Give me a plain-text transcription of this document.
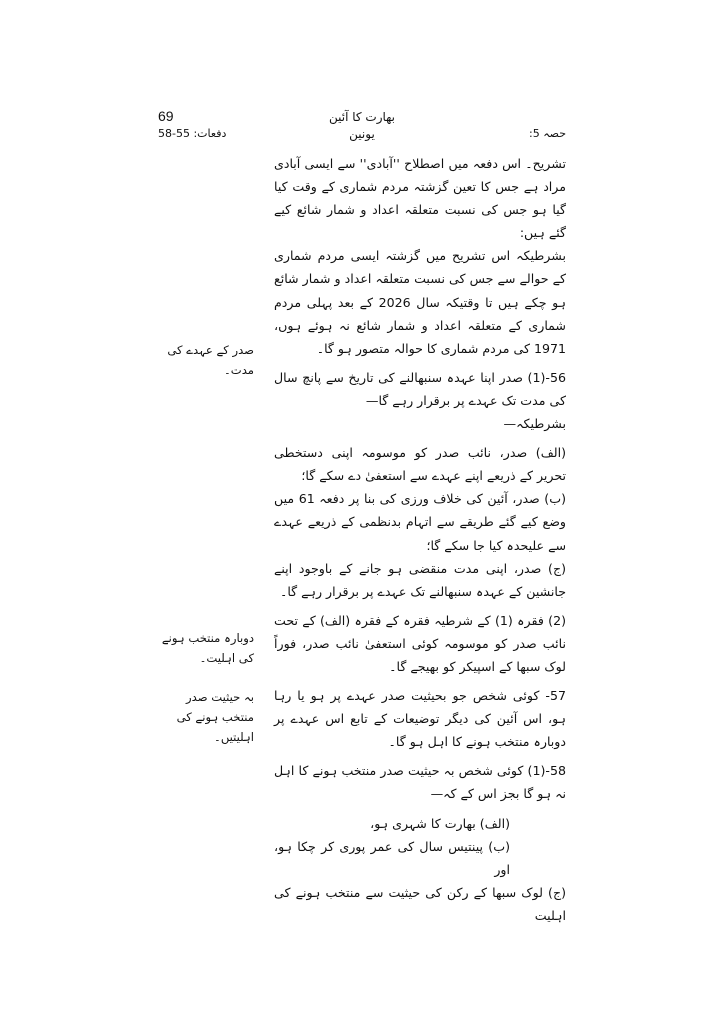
69	بھارت کا آئین
یونین
دفعات: 55-58	حصہ 5:

تشریح۔ اس دفعہ میں اصطلاح ''آبادی'' سے ایسی آبادی مراد ہے جس کا تعین گزشتہ مردم شماری کے وقت کیا گیا ہو جس کی نسبت متعلقہ اعداد و شمار شائع کیے گئے ہیں:

بشرطیکہ اس تشریح میں گزشتہ ایسی مردم شماری کے حوالے سے جس کی نسبت متعلقہ اعداد و شمار شائع ہو چکے ہیں تا وقتیکہ سال 2026 کے بعد پہلی مردم شماری کے متعلقہ اعداد و شمار شائع نہ ہوئے ہوں، 1971 کی مردم شماری کا حوالہ متصور ہو گا۔

56-(1) صدر اپنا عہدہ سنبھالنے کی تاریخ سے پانچ سال کی مدت تک عہدے پر برقرار رہے گا—

بشرطیکہ—

(الف) صدر، نائب صدر کو موسومہ اپنی دستخطی تحریر کے ذریعے اپنے عہدے سے استعفیٰ دے سکے گا؛

(ب) صدر، آئین کی خلاف ورزی کی بنا پر دفعہ 61 میں وضع کیے گئے طریقے سے اتہام بدنظمی کے ذریعے عہدے سے علیحدہ کیا جا سکے گا؛

(ج) صدر، اپنی مدت منقضی ہو جانے کے باوجود اپنے جانشین کے عہدہ سنبھالنے تک عہدے پر برقرار رہے گا۔

(2) فقرہ (1) کے شرطیہ فقرہ کے فقرہ (الف) کے تحت نائب صدر کو موسومہ کوئی استعفیٰ نائب صدر، فوراً لوک سبھا کے اسپیکر کو بھیجے گا۔

57- کوئی شخص جو بحیثیت صدر عہدے پر ہو یا رہا ہو، اس آئین کی دیگر توضیعات کے تابع اس عہدے پر دوبارہ منتخب ہونے کا اہل ہو گا۔

58-(1) کوئی شخص بہ حیثیت صدر منتخب ہونے کا اہل نہ ہو گا بجز اس کے کہ—

(الف) بھارت کا شہری ہو،

(ب) پینتیس سال کی عمر پوری کر چکا ہو، اور

(ج) لوک سبھا کے رکن کی حیثیت سے منتخب ہونے کی اہلیت

صدر کے عہدے کی مدت۔
دوبارہ منتخب ہونے کی اہلیت۔
بہ حیثیت صدر منتخب ہونے کی اہلیتیں۔
